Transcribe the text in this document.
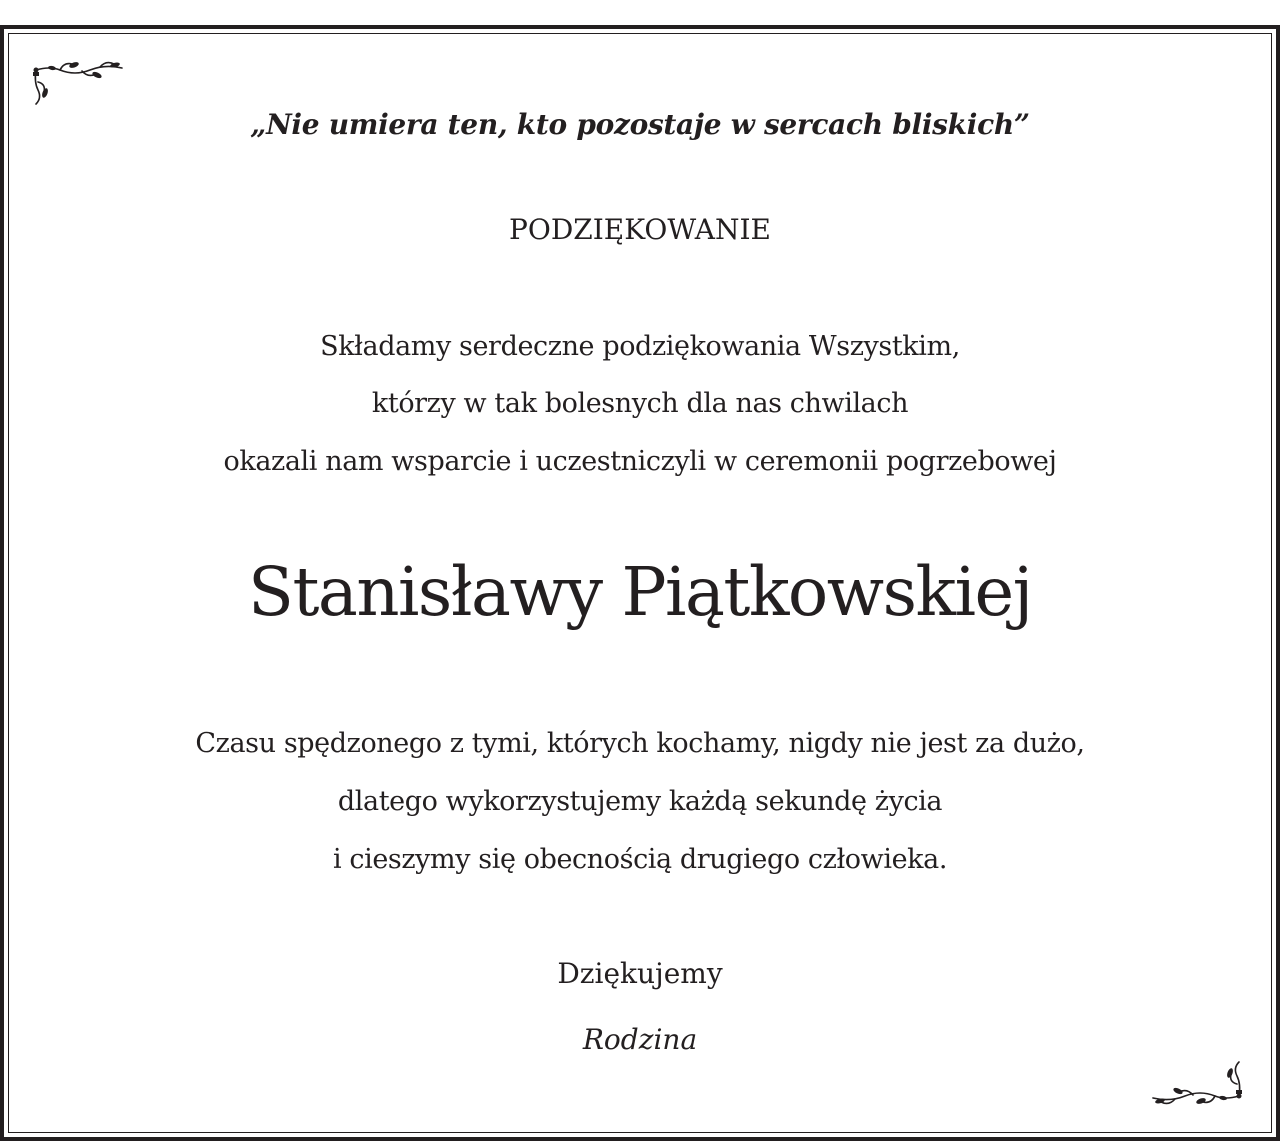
„Nie umiera ten, kto pozostaje w sercach bliskich”
PODZIĘKOWANIE
Składamy serdeczne podziękowania Wszystkim,
którzy w tak bolesnych dla nas chwilach
okazali nam wsparcie i uczestniczyli w ceremonii pogrzebowej
Stanisławy Piątkowskiej
Czasu spędzonego z tymi, których kochamy, nigdy nie jest za dużo,
dlatego wykorzystujemy każdą sekundę życia
i cieszymy się obecnością drugiego człowieka.
Dziękujemy
Rodzina
